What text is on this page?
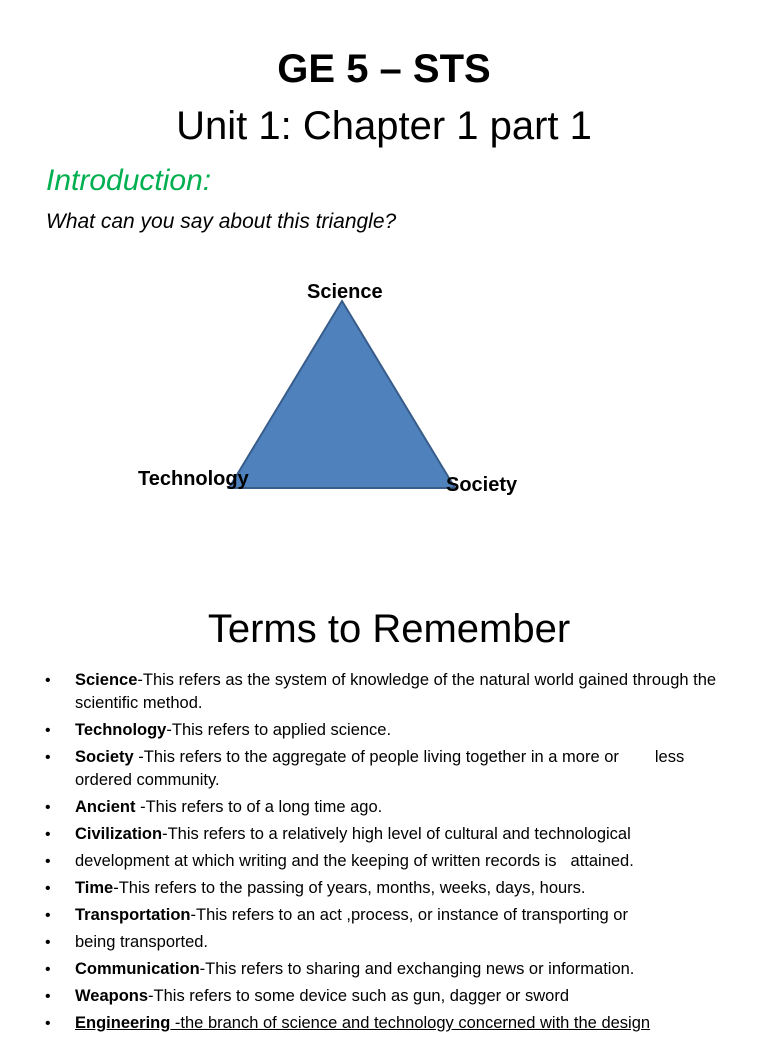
GE 5 – STS
Unit 1: Chapter 1 part 1
Introduction:
What can you say about this triangle?
Science
Technology	Society
Terms to Remember
• Science-This refers as the system of knowledge of the natural world gained through the scientific method.
• Technology-This refers to applied science.
• Society -This refers to the aggregate of people living together in a more or less
ordered community.
• Ancient -This refers to of a long time ago.
• Civilization-This refers to a relatively high level of cultural and technological
• development at which writing and the keeping of written records is attained.
• Time-This refers to the passing of years, months, weeks, days, hours.
• Transportation-This refers to an act ,process, or instance of transporting or
• being transported.
• Communication-This refers to sharing and exchanging news or information.
• Weapons-This refers to some device such as gun, dagger or sword
• Engineering -the branch of science and technology concerned with the design
